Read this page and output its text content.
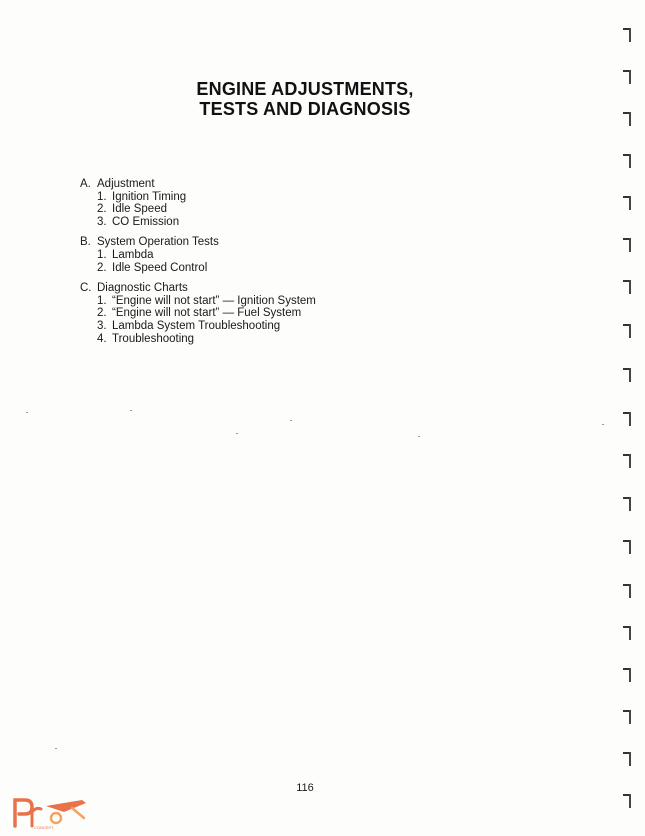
ENGINE ADJUSTMENTS,
TESTS AND DIAGNOSIS
A. Adjustment
1. Ignition Timing
2. Idle Speed
3. CO Emission
B. System Operation Tests
1. Lambda
2. Idle Speed Control
C. Diagnostic Charts
1. “Engine will not start” — Ignition System
2. “Engine will not start” — Fuel System
3. Lambda System Troubleshooting
4. Troubleshooting
116
CONCEPT
